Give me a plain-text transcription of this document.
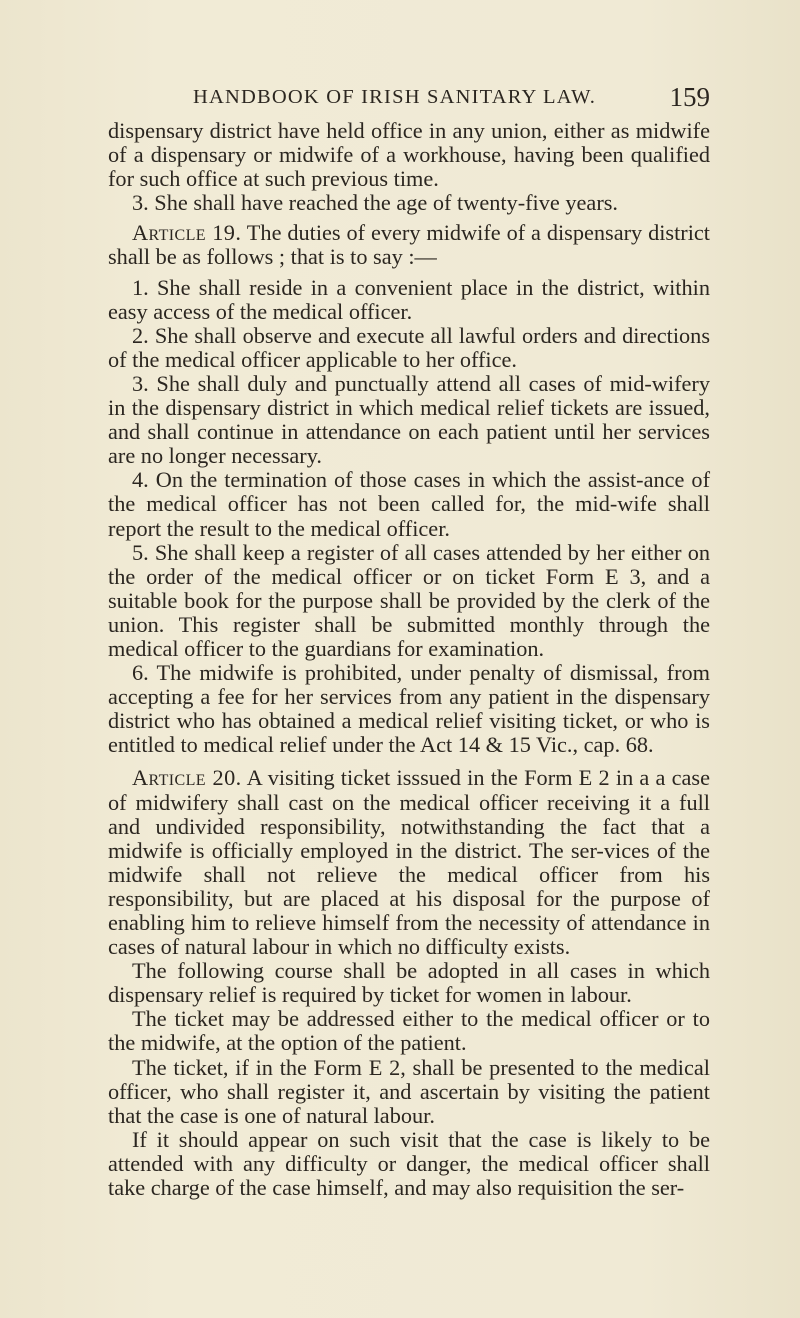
HANDBOOK OF IRISH SANITARY LAW.	159

dispensary district have held office in any union, either as midwife of a dispensary or midwife of a workhouse, having been qualified for such office at such previous time.

3. She shall have reached the age of twenty-five years.

Article 19. The duties of every midwife of a dispensary district shall be as follows ; that is to say :—

1. She shall reside in a convenient place in the district, within easy access of the medical officer.

2. She shall observe and execute all lawful orders and directions of the medical officer applicable to her office.

3. She shall duly and punctually attend all cases of mid-wifery in the dispensary district in which medical relief tickets are issued, and shall continue in attendance on each patient until her services are no longer necessary.

4. On the termination of those cases in which the assist-ance of the medical officer has not been called for, the mid-wife shall report the result to the medical officer.

5. She shall keep a register of all cases attended by her either on the order of the medical officer or on ticket Form E 3, and a suitable book for the purpose shall be provided by the clerk of the union. This register shall be submitted monthly through the medical officer to the guardians for examination.

6. The midwife is prohibited, under penalty of dismissal, from accepting a fee for her services from any patient in the dispensary district who has obtained a medical relief visiting ticket, or who is entitled to medical relief under the Act 14 & 15 Vic., cap. 68.

Article 20. A visiting ticket isssued in the Form E 2 in a a case of midwifery shall cast on the medical officer receiving it a full and undivided responsibility, notwithstanding the fact that a midwife is officially employed in the district. The ser-vices of the midwife shall not relieve the medical officer from his responsibility, but are placed at his disposal for the purpose of enabling him to relieve himself from the necessity of attendance in cases of natural labour in which no difficulty exists.

The following course shall be adopted in all cases in which dispensary relief is required by ticket for women in labour.

The ticket may be addressed either to the medical officer or to the midwife, at the option of the patient.

The ticket, if in the Form E 2, shall be presented to the medical officer, who shall register it, and ascertain by visiting the patient that the case is one of natural labour.

If it should appear on such visit that the case is likely to be attended with any difficulty or danger, the medical officer shall take charge of the case himself, and may also requisition the ser-
